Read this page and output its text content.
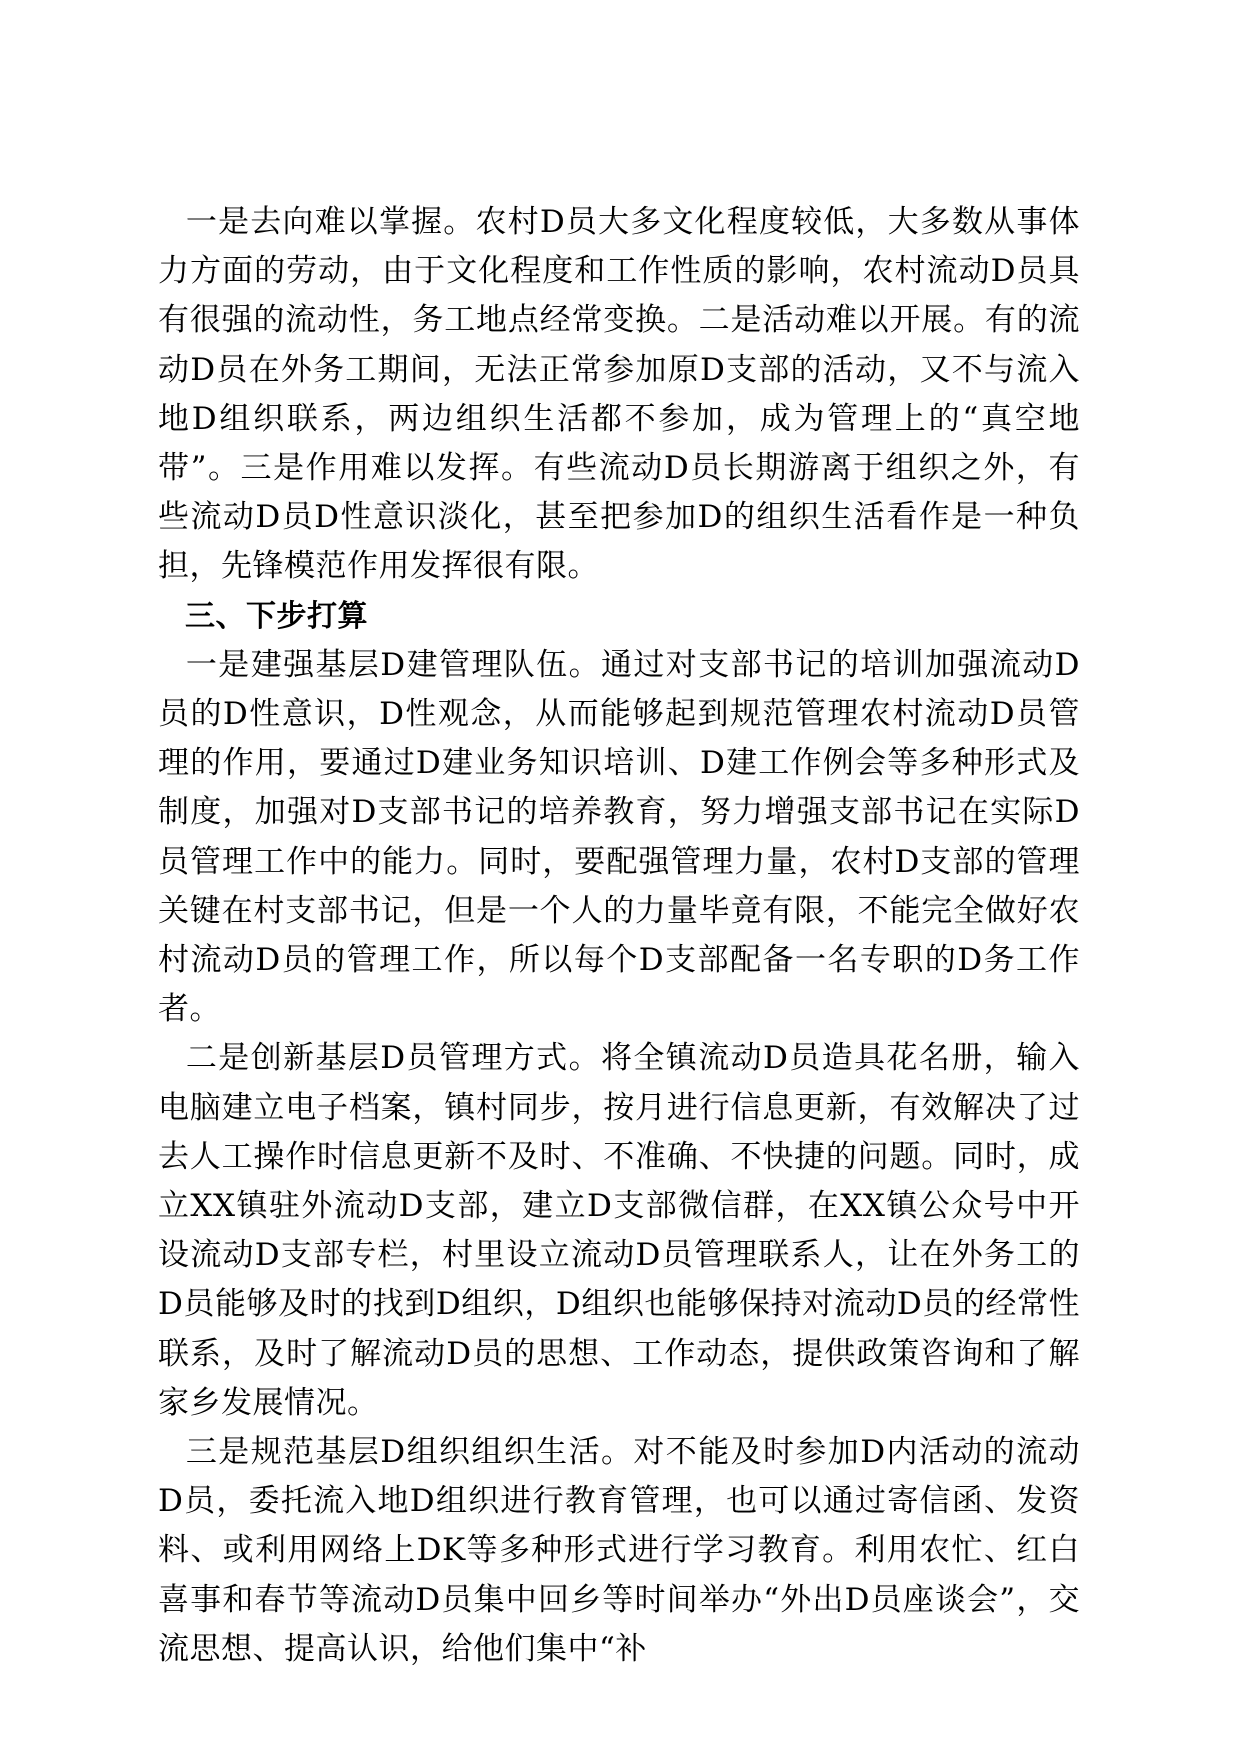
一是去向难以掌握。农村D员大多文化程度较低，大多数从事体力方面的劳动，由于文化程度和工作性质的影响，农村流动D员具有很强的流动性，务工地点经常变换。二是活动难以开展。有的流动D员在外务工期间，无法正常参加原D支部的活动，又不与流入地D组织联系，两边组织生活都不参加，成为管理上的“真空地带”。三是作用难以发挥。有些流动D员长期游离于组织之外，有些流动D员D性意识淡化，甚至把参加D的组织生活看作是一种负担，先锋模范作用发挥很有限。

三、下步打算

一是建强基层D建管理队伍。通过对支部书记的培训加强流动D员的D性意识，D性观念，从而能够起到规范管理农村流动D员管理的作用，要通过D建业务知识培训、D建工作例会等多种形式及制度，加强对D支部书记的培养教育，努力增强支部书记在实际D员管理工作中的能力。同时，要配强管理力量，农村D支部的管理关键在村支部书记，但是一个人的力量毕竟有限，不能完全做好农村流动D员的管理工作，所以每个D支部配备一名专职的D务工作者。

二是创新基层D员管理方式。将全镇流动D员造具花名册，输入电脑建立电子档案，镇村同步，按月进行信息更新，有效解决了过去人工操作时信息更新不及时、不准确、不快捷的问题。同时，成立XX镇驻外流动D支部，建立D支部微信群，在XX镇公众号中开设流动D支部专栏，村里设立流动D员管理联系人，让在外务工的D员能够及时的找到D组织，D组织也能够保持对流动D员的经常性联系，及时了解流动D员的思想、工作动态，提供政策咨询和了解家乡发展情况。

三是规范基层D组织组织生活。对不能及时参加D内活动的流动D员，委托流入地D组织进行教育管理，也可以通过寄信函、发资料、或利用网络上DK等多种形式进行学习教育。利用农忙、红白喜事和春节等流动D员集中回乡等时间举办“外出D员座谈会”，交流思想、提高认识，给他们集中“补
